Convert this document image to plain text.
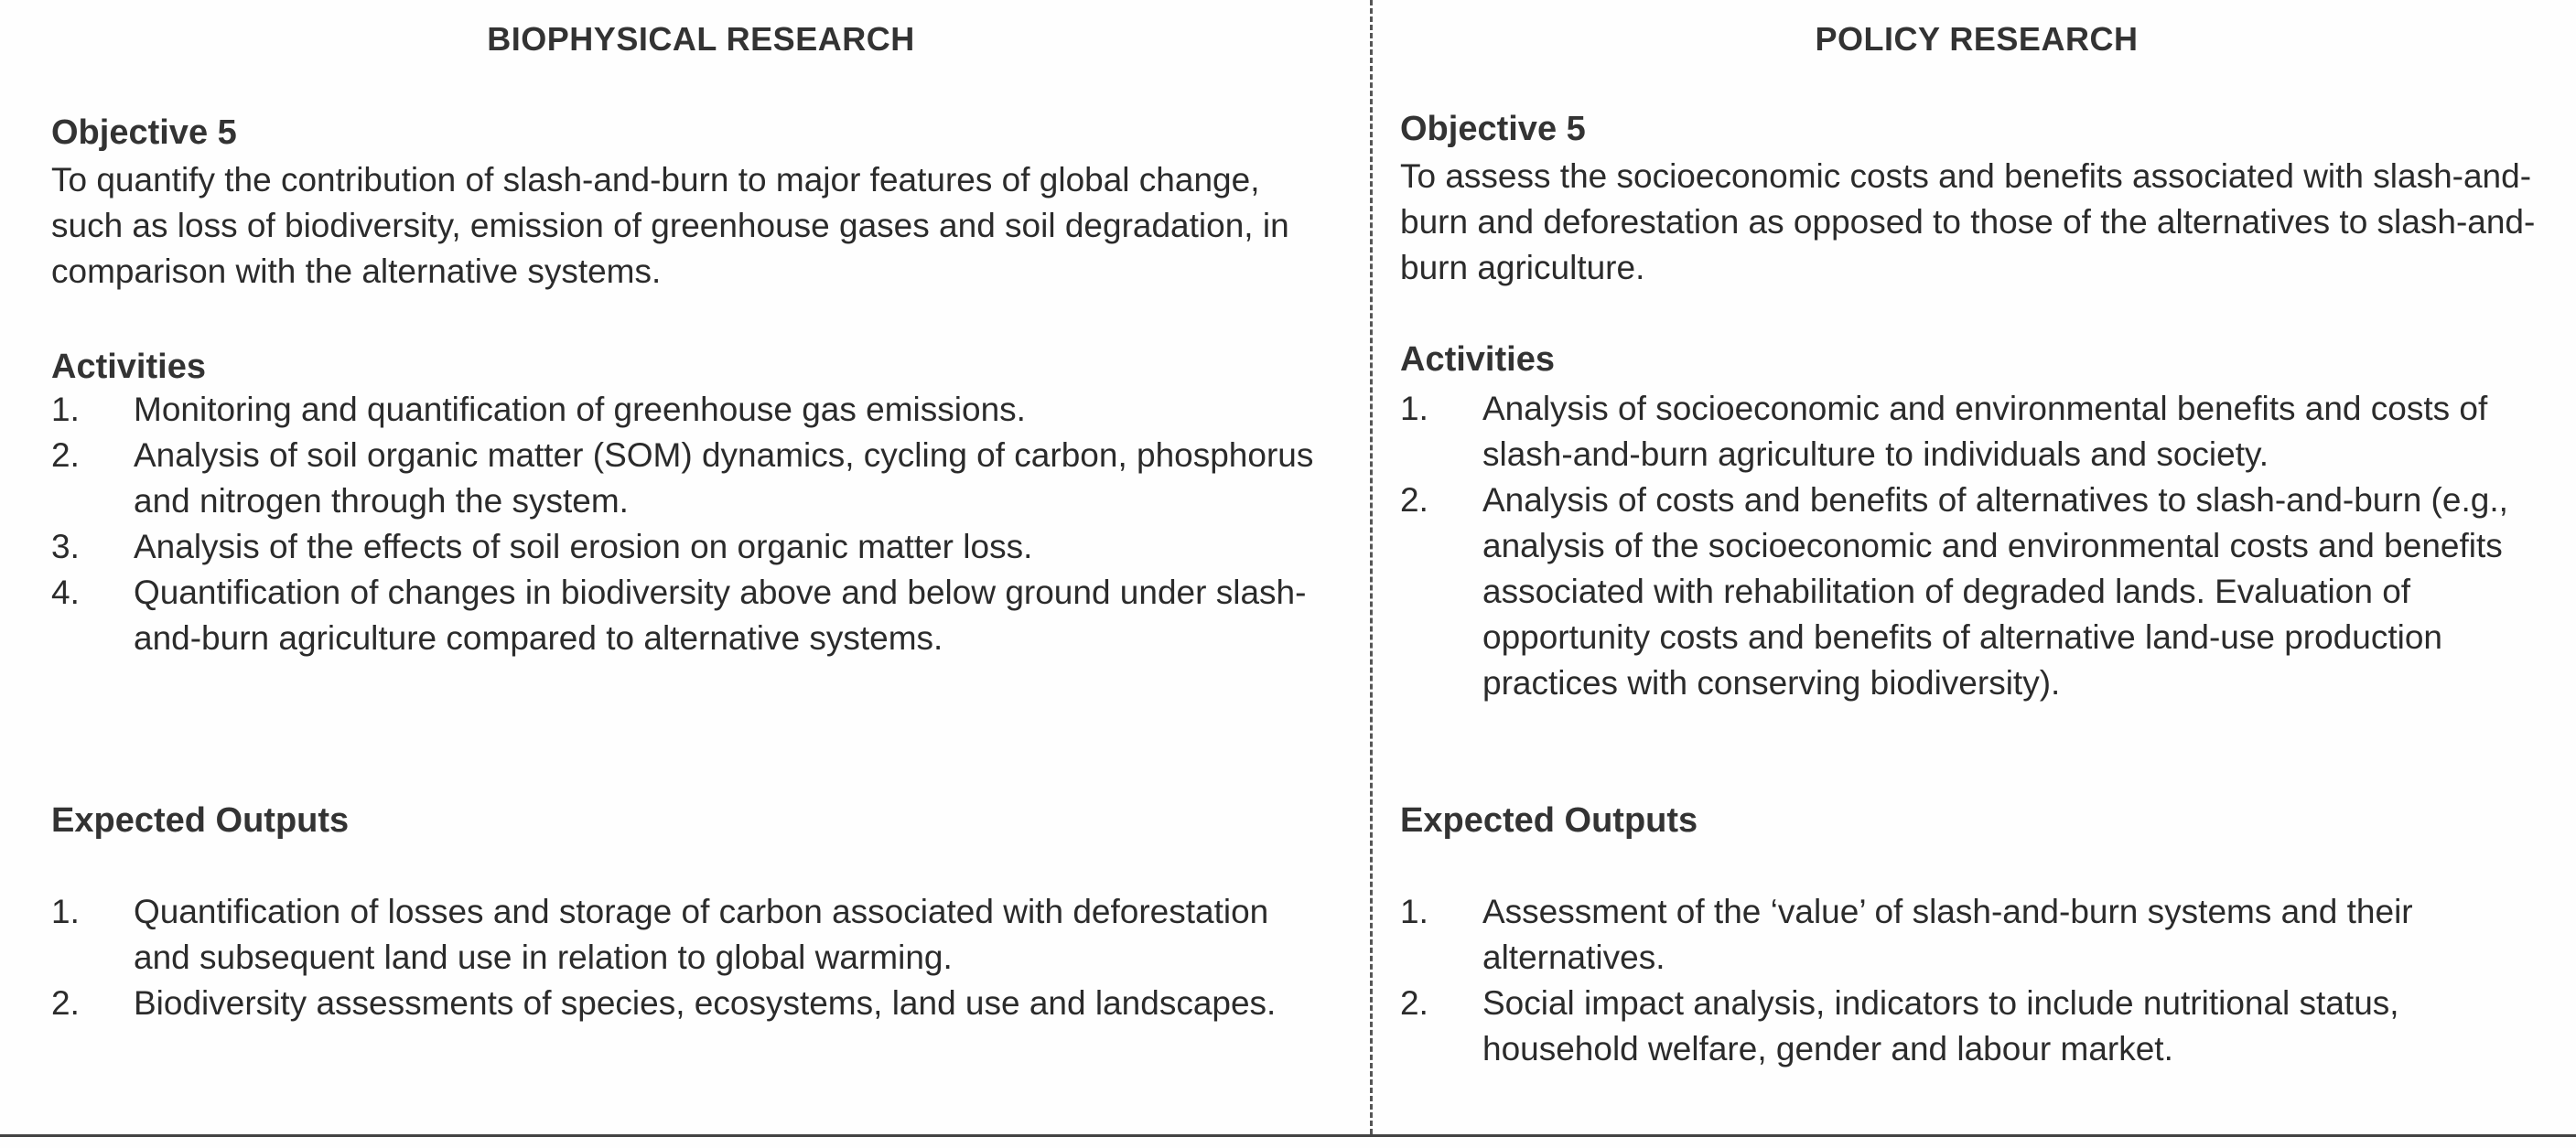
BIOPHYSICAL RESEARCH
Objective 5
To quantify the contribution of slash-and-burn to major features of global change, such as loss of biodiversity, emission of greenhouse gases and soil degradation, in comparison with the alternative systems.
Activities
1. Monitoring and quantification of greenhouse gas emissions.
2. Analysis of soil organic matter (SOM) dynamics, cycling of carbon, phosphorus and nitrogen through the system.
3. Analysis of the effects of soil erosion on organic matter loss.
4. Quantification of changes in biodiversity above and below ground under slash-and-burn agriculture compared to alternative systems.
Expected Outputs
1. Quantification of losses and storage of carbon associated with deforestation and subsequent land use in relation to global warming.
2. Biodiversity assessments of species, ecosystems, land use and landscapes.
POLICY RESEARCH
Objective 5
To assess the socioeconomic costs and benefits associated with slash-and-burn and deforestation as opposed to those of the alternatives to slash-and-burn agriculture.
Activities
1. Analysis of socioeconomic and environmental benefits and costs of slash-and-burn agriculture to individuals and society.
2. Analysis of costs and benefits of alternatives to slash-and-burn (e.g., analysis of the socioeconomic and environmental costs and benefits associated with rehabilitation of degraded lands. Evaluation of opportunity costs and benefits of alternative land-use production practices with conserving biodiversity).
Expected Outputs
1. Assessment of the ‘value’ of slash-and-burn systems and their alternatives.
2. Social impact analysis, indicators to include nutritional status, household welfare, gender and labour market.
